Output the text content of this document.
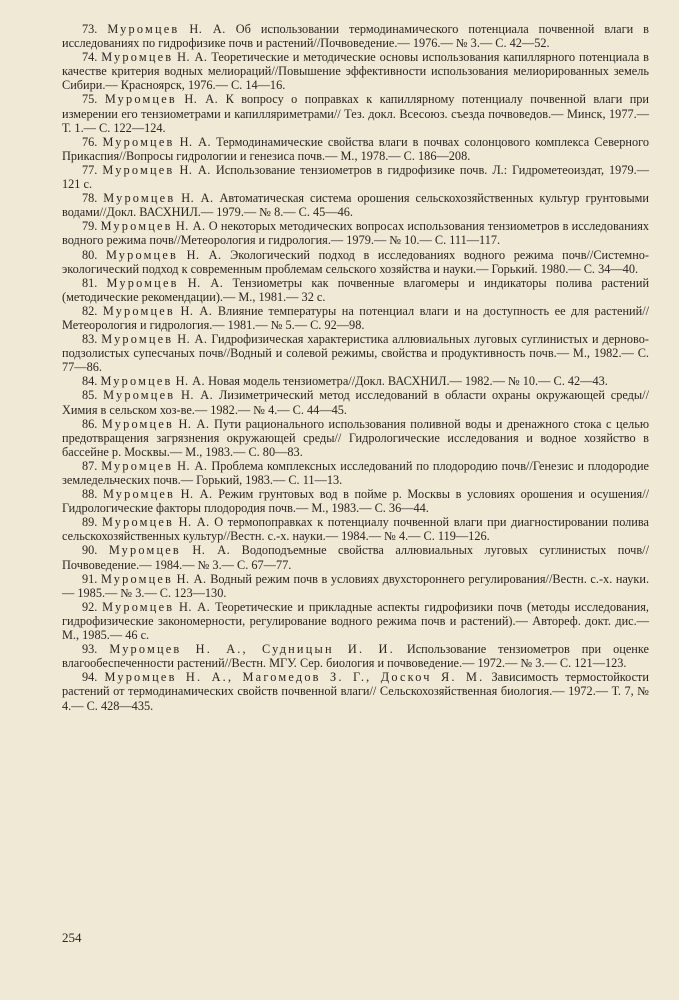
73. Муромцев Н. А. Об использовании термодинамического потенциала почвенной влаги в исследованиях по гидрофизике почв и растений//Почвоведение.— 1976.— № 3.— С. 42—52.

74. Муромцев Н. А. Теоретические и методические основы использования капиллярного потенциала в качестве критерия водных мелиораций//Повышение эффективности использования мелиорированных земель Сибири.— Красноярск, 1976.— С. 14—16.

75. Муромцев Н. А. К вопросу о поправках к капиллярному потенциалу почвенной влаги при измерении его тензиометрами и капилляриметрами// Тез. докл. Всесоюз. съезда почвоведов.— Минск, 1977.— Т. 1.— С. 122—124.

76. Муромцев Н. А. Термодинамические свойства влаги в почвах солонцового комплекса Северного Прикаспия//Вопросы гидрологии и генезиса почв.— М., 1978.— С. 186—208.

77. Муромцев Н. А. Использование тензиометров в гидрофизике почв. Л.: Гидрометеоиздат, 1979.— 121 с.

78. Муромцев Н. А. Автоматическая система орошения сельскохозяйственных культур грунтовыми водами//Докл. ВАСХНИЛ.— 1979.— № 8.— С. 45—46.

79. Муромцев Н. А. О некоторых методических вопросах использования тензиометров в исследованиях водного режима почв//Метеорология и гидрология.— 1979.— № 10.— С. 111—117.

80. Муромцев Н. А. Экологический подход в исследованиях водного режима почв//Системно-экологический подход к современным проблемам сельского хозяйства и науки.— Горький. 1980.— С. 34—40.

81. Муромцев Н. А. Тензиометры как почвенные влагомеры и индикаторы полива растений (методические рекомендации).— М., 1981.— 32 с.

82. Муромцев Н. А. Влияние температуры на потенциал влаги и на доступность ее для растений//Метеорология и гидрология.— 1981.— № 5.— С. 92—98.

83. Муромцев Н. А. Гидрофизическая характеристика аллювиальных луговых суглинистых и дерново-подзолистых супесчаных почв//Водный и солевой режимы, свойства и продуктивность почв.— М., 1982.— С. 77—86.

84. Муромцев Н. А. Новая модель тензиометра//Докл. ВАСХНИЛ.— 1982.— № 10.— С. 42—43.

85. Муромцев Н. А. Лизиметрический метод исследований в области охраны окружающей среды//Химия в сельском хоз-ве.— 1982.— № 4.— С. 44—45.

86. Муромцев Н. А. Пути рационального использования поливной воды и дренажного стока с целью предотвращения загрязнения окружающей среды// Гидрологические исследования и водное хозяйство в бассейне р. Москвы.— М., 1983.— С. 80—83.

87. Муромцев Н. А. Проблема комплексных исследований по плодородию почв//Генезис и плодородие земледельческих почв.— Горький, 1983.— С. 11—13.

88. Муромцев Н. А. Режим грунтовых вод в пойме р. Москвы в условиях орошения и осушения//Гидрологические факторы плодородия почв.— М., 1983.— С. 36—44.

89. Муромцев Н. А. О термопоправках к потенциалу почвенной влаги при диагностировании полива сельскохозяйственных культур//Вестн. с.-х. науки.— 1984.— № 4.— С. 119—126.

90. Муромцев Н. А. Водоподъемные свойства аллювиальных луговых суглинистых почв//Почвоведение.— 1984.— № 3.— С. 67—77.

91. Муромцев Н. А. Водный режим почв в условиях двухстороннего регулирования//Вестн. с.-х. науки.— 1985.— № 3.— С. 123—130.

92. Муромцев Н. А. Теоретические и прикладные аспекты гидрофизики почв (методы исследования, гидрофизические закономерности, регулирование водного режима почв и растений).— Автореф. докт. дис.— М., 1985.— 46 с.

93. Муромцев Н. А., Судницын И. И. Использование тензиометров при оценке влагообеспеченности растений//Вестн. МГУ. Сер. биология и почвоведение.— 1972.— № 3.— С. 121—123.

94. Муромцев Н. А., Магомедов З. Г., Доскоч Я. М. Зависимость термостойкости растений от термодинамических свойств почвенной влаги// Сельскохозяйственная биология.— 1972.— Т. 7, № 4.— С. 428—435.

254
